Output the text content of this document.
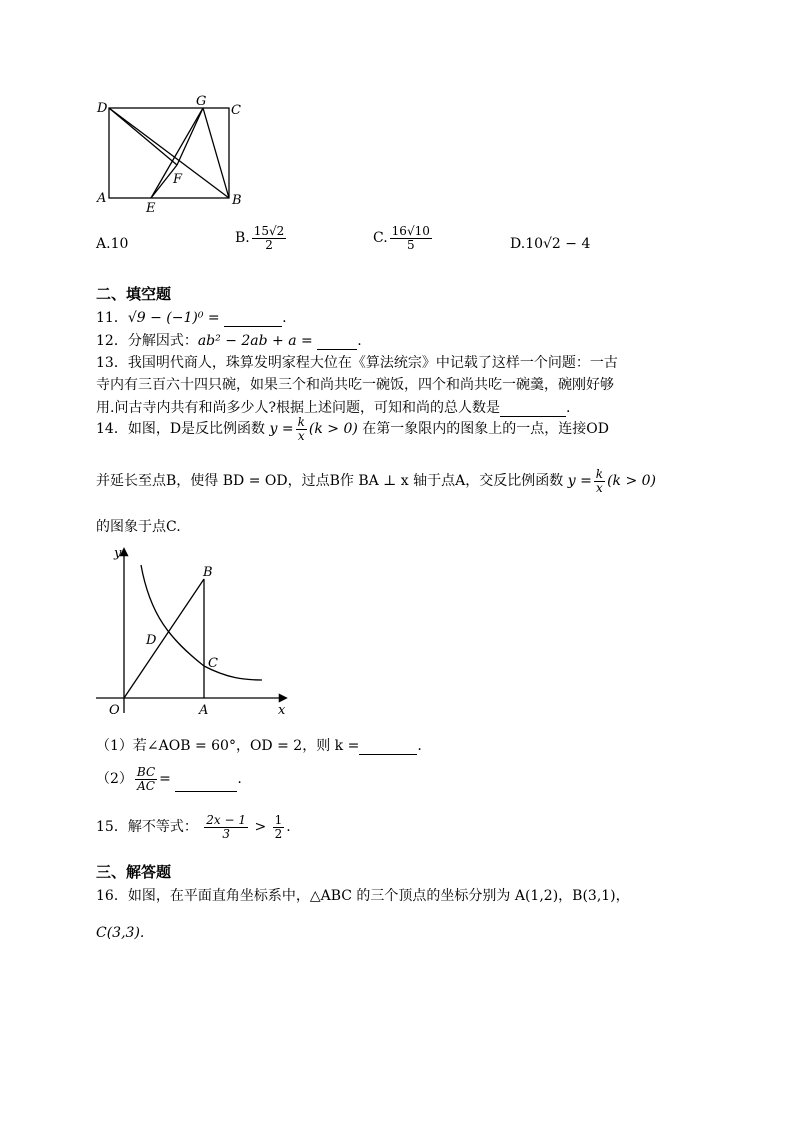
D	G
C
A
E
F
B
A.10	B. $\frac{15√2}{2}$	C. $\frac{16√10}{5}$	D.10√2 − 4
二、填空题
11．√9 − (−1)⁰ =	.
12．分解因式：ab² − 2ab + a =	.
13．我国明代商人，珠算发明家程大位在《算法统宗》中记载了这样一个问题：一古
寺内有三百六十四只碗，如果三个和尚共吃一碗饭，四个和尚共吃一碗羹，碗刚好够
用.问古寺内共有和尚多少人?根据上述问题，可知和尚的总人数是	.
14．如图，D是反比例函数 $y = \frac{k}{x} (k > 0)$ 在第一象限内的图象上的一点，连接OD
并延长至点B，使得 BD = OD，过点B作 BA ⊥ x 轴于点A，交反比例函数 $y = \frac{k}{x} (k > 0)$
的图象于点C.
y
B
D
C
O	A	x
（1）若∠AOB = 60°，OD = 2，则 k =	.
$(2) \frac{BC}{AC}$ =	.
15．解不等式： $\frac{2x - 1}{3} > \frac{1}{2}$ .
三、解答题
16．如图，在平面直角坐标系中，△ABC 的三个顶点的坐标分别为 A(1,2)，B(3,1)，
C(3,3).
